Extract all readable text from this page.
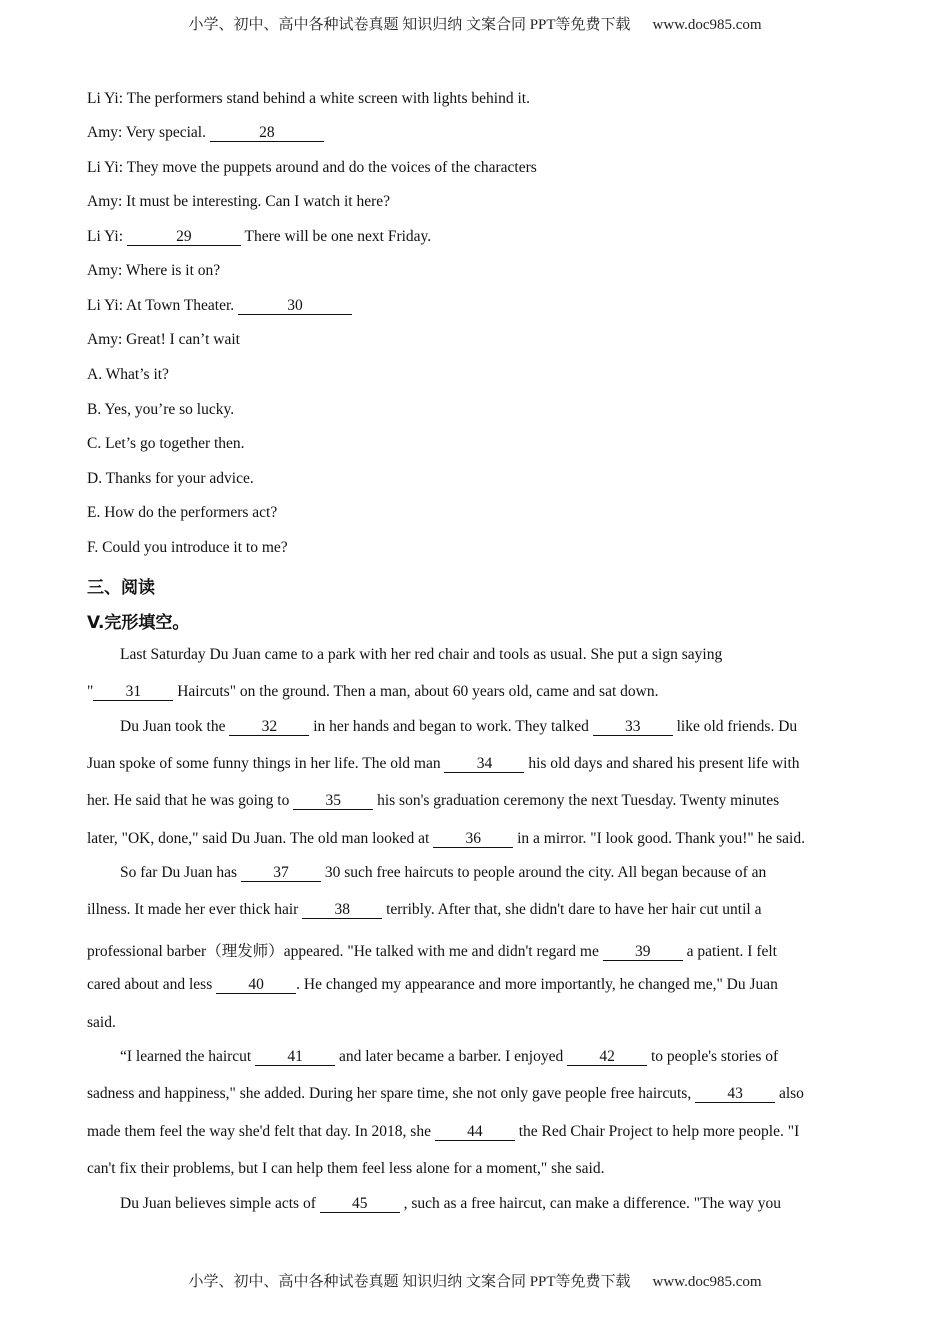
小学、初中、高中各种试卷真题 知识归纳 文案合同 PPT等免费下载 www.doc985.com
Li Yi: The performers stand behind a white screen with lights behind it.
Amy: Very special.	28
Li Yi: They move the puppets around and do the voices of the characters
Amy: It must be interesting. Can I watch it here?
Li Yi:	29	There will be one next Friday.
Amy: Where is it on?
Li Yi: At Town Theater.	30
Amy: Great! I can’t wait
A. What’s it?
B. Yes, you’re so lucky.
C. Let’s go together then.
D. Thanks for your advice.
E. How do the performers act?
F. Could you introduce it to me?
三、阅读
V.完形填空。
Last Saturday Du Juan came to a park with her red chair and tools as usual. She put a sign saying
" 31 Haircuts" on the ground. Then a man, about 60 years old, came and sat down.
Du Juan took the 32 in her hands and began to work. They talked 33 like old friends. Du
Juan spoke of some funny things in her life. The old man 34 his old days and shared his present life with
her. He said that he was going to 35 his son's graduation ceremony the next Tuesday. Twenty minutes
later, "OK, done," said Du Juan. The old man looked at 36 in a mirror. "I look good. Thank you!" he said.
So far Du Juan has 37 30 such free haircuts to people around the city. All began because of an
illness. It made her ever thick hair 38 terribly. After that, she didn't dare to have her hair cut until a
professional barber（理发师）appeared. "He talked with me and didn't regard me 39 a patient. I felt
cared about and less 40 . He changed my appearance and more importantly, he changed me," Du Juan
said.
“I learned the haircut 41 and later became a barber. I enjoyed 42 to people's stories of
sadness and happiness," she added. During her spare time, she not only gave people free haircuts, 43 also
made them feel the way she'd felt that day. In 2018, she 44 the Red Chair Project to help more people. "I
can't fix their problems, but I can help them feel less alone for a moment," she said.
Du Juan believes simple acts of 45 , such as a free haircut, can make a difference. "The way you
小学、初中、高中各种试卷真题 知识归纳 文案合同 PPT等免费下载 www.doc985.com
